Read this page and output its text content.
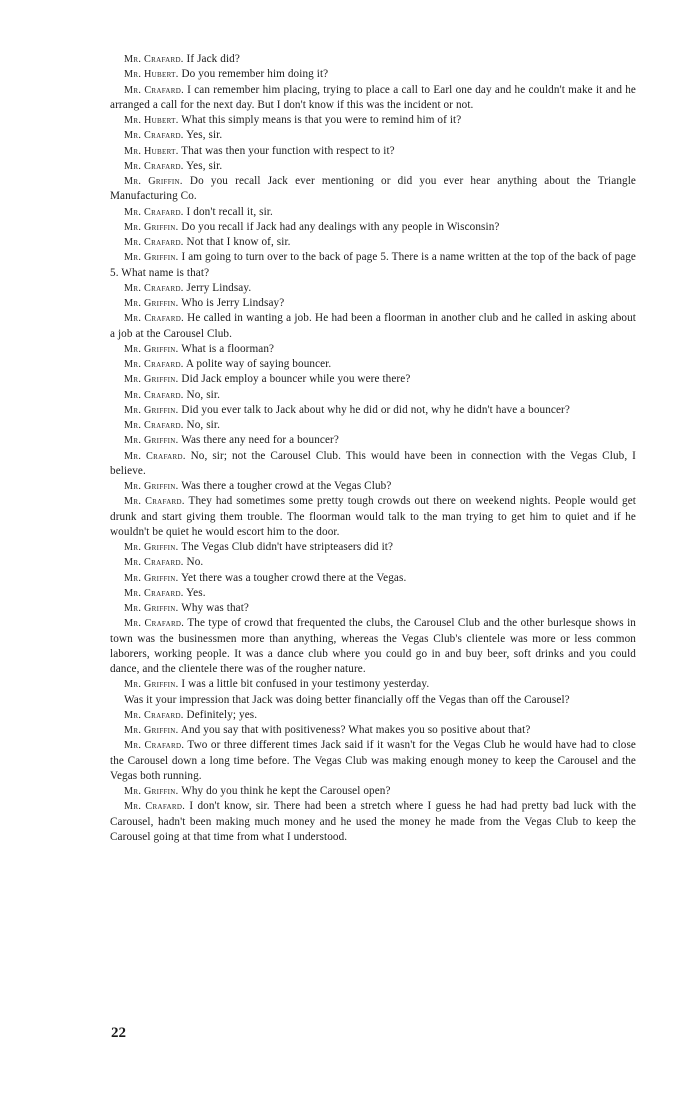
Mr. Crafard. If Jack did?

Mr. Hubert. Do you remember him doing it?

Mr. Crafard. I can remember him placing, trying to place a call to Earl one day and he couldn't make it and he arranged a call for the next day. But I don't know if this was the incident or not.

Mr. Hubert. What this simply means is that you were to remind him of it?

Mr. Crafard. Yes, sir.

Mr. Hubert. That was then your function with respect to it?

Mr. Crafard. Yes, sir.

Mr. Griffin. Do you recall Jack ever mentioning or did you ever hear anything about the Triangle Manufacturing Co.

Mr. Crafard. I don't recall it, sir.

Mr. Griffin. Do you recall if Jack had any dealings with any people in Wisconsin?

Mr. Crafard. Not that I know of, sir.

Mr. Griffin. I am going to turn over to the back of page 5. There is a name written at the top of the back of page 5. What name is that?

Mr. Crafard. Jerry Lindsay.

Mr. Griffin. Who is Jerry Lindsay?

Mr. Crafard. He called in wanting a job. He had been a floorman in another club and he called in asking about a job at the Carousel Club.

Mr. Griffin. What is a floorman?

Mr. Crafard. A polite way of saying bouncer.

Mr. Griffin. Did Jack employ a bouncer while you were there?

Mr. Crafard. No, sir.

Mr. Griffin. Did you ever talk to Jack about why he did or did not, why he didn't have a bouncer?

Mr. Crafard. No, sir.

Mr. Griffin. Was there any need for a bouncer?

Mr. Crafard. No, sir; not the Carousel Club. This would have been in connection with the Vegas Club, I believe.

Mr. Griffin. Was there a tougher crowd at the Vegas Club?

Mr. Crafard. They had sometimes some pretty tough crowds out there on weekend nights. People would get drunk and start giving them trouble. The floorman would talk to the man trying to get him to quiet and if he wouldn't be quiet he would escort him to the door.

Mr. Griffin. The Vegas Club didn't have stripteasers did it?

Mr. Crafard. No.

Mr. Griffin. Yet there was a tougher crowd there at the Vegas.

Mr. Crafard. Yes.

Mr. Griffin. Why was that?

Mr. Crafard. The type of crowd that frequented the clubs, the Carousel Club and the other burlesque shows in town was the businessmen more than anything, whereas the Vegas Club's clientele was more or less common laborers, working people. It was a dance club where you could go in and buy beer, soft drinks and you could dance, and the clientele there was of the rougher nature.

Mr. Griffin. I was a little bit confused in your testimony yesterday.

Was it your impression that Jack was doing better financially off the Vegas than off the Carousel?

Mr. Crafard. Definitely; yes.

Mr. Griffin. And you say that with positiveness? What makes you so positive about that?

Mr. Crafard. Two or three different times Jack said if it wasn't for the Vegas Club he would have had to close the Carousel down a long time before. The Vegas Club was making enough money to keep the Carousel and the Vegas both running.

Mr. Griffin. Why do you think he kept the Carousel open?

Mr. Crafard. I don't know, sir. There had been a stretch where I guess he had had pretty bad luck with the Carousel, hadn't been making much money and he used the money he made from the Vegas Club to keep the Carousel going at that time from what I understood.

22
